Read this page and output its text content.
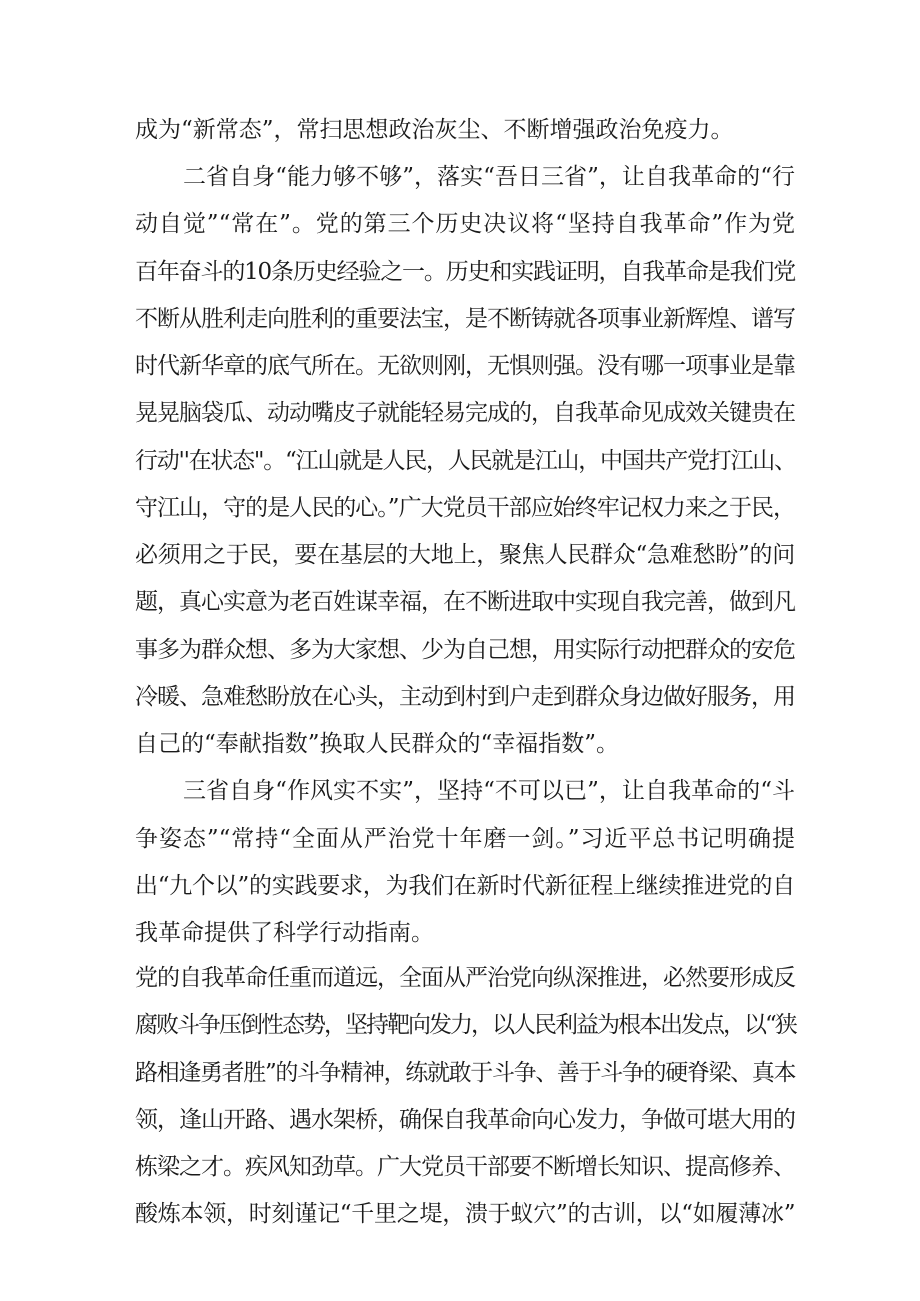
成为“新常态”，常扫思想政治灰尘、不断增强政治免疫力。
二省自身“能力够不够”，落实“吾日三省”，让自我革命的“行
动自觉”“常在”。党的第三个历史决议将“坚持自我革命”作为党
百年奋斗的10条历史经验之一。历史和实践证明，自我革命是我们党
不断从胜利走向胜利的重要法宝，是不断铸就各项事业新辉煌、谱写
时代新华章的底气所在。无欲则刚，无惧则强。没有哪一项事业是靠
晃晃脑袋瓜、动动嘴皮子就能轻易完成的，自我革命见成效关键贵在
行动''在状态"。“江山就是人民，人民就是江山，中国共产党打江山、
守江山，守的是人民的心。”广大党员干部应始终牢记权力来之于民，
必须用之于民，要在基层的大地上，聚焦人民群众“急难愁盼”的问
题，真心实意为老百姓谋幸福，在不断进取中实现自我完善，做到凡
事多为群众想、多为大家想、少为自己想，用实际行动把群众的安危
冷暖、急难愁盼放在心头，主动到村到户走到群众身边做好服务，用
自己的“奉献指数”换取人民群众的“幸福指数”。
三省自身“作风实不实”，坚持“不可以已”，让自我革命的“斗
争姿态”“常持“全面从严治党十年磨一剑。”习近平总书记明确提
出“九个以”的实践要求，为我们在新时代新征程上继续推进党的自
我革命提供了科学行动指南。
党的自我革命任重而道远，全面从严治党向纵深推进，必然要形成反
腐败斗争压倒性态势，坚持靶向发力，以人民利益为根本出发点，以“狭
路相逢勇者胜”的斗争精神，练就敢于斗争、善于斗争的硬脊梁、真本
领，逢山开路、遇水架桥，确保自我革命向心发力，争做可堪大用的
栋梁之才。疾风知劲草。广大党员干部要不断增长知识、提高修养、
酸炼本领，时刻谨记“千里之堤，溃于蚁穴”的古训，以“如履薄冰”
